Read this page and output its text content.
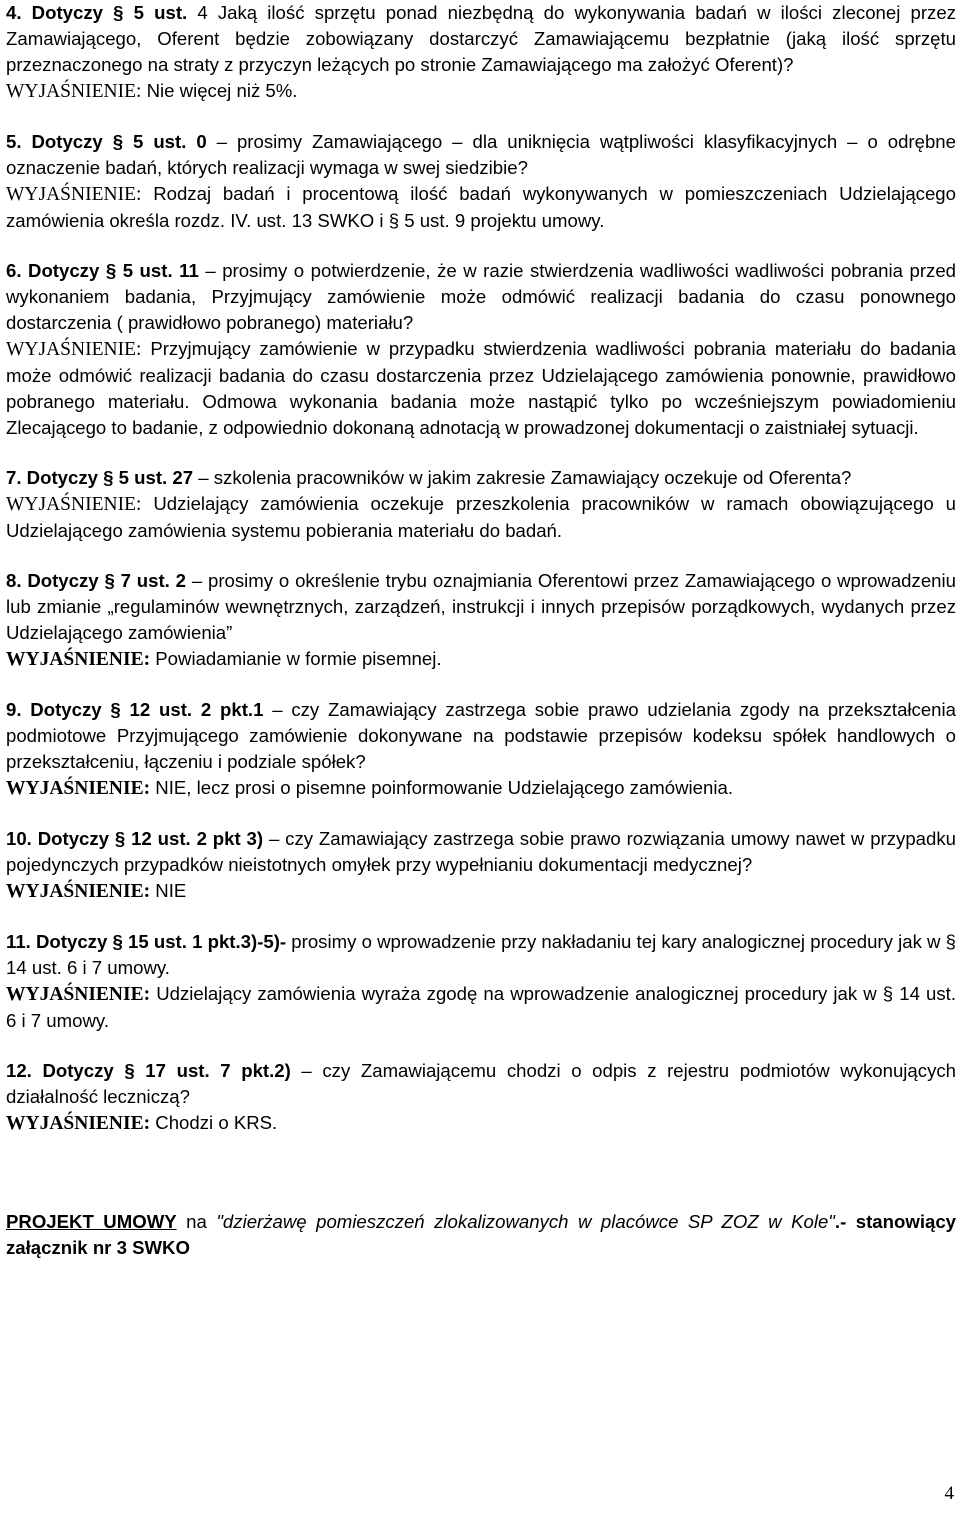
4. Dotyczy § 5 ust. 4 Jaką ilość sprzętu ponad niezbędną do wykonywania badań w ilości zleconej przez Zamawiającego, Oferent będzie zobowiązany dostarczyć Zamawiającemu bezpłatnie (jaką ilość sprzętu przeznaczonego na straty z przyczyn leżących po stronie Zamawiającego ma założyć Oferent)?
WYJAŚNIENIE: Nie więcej niż 5%.

5. Dotyczy § 5 ust. 0 – prosimy Zamawiającego – dla uniknięcia wątpliwości klasyfikacyjnych – o odrębne oznaczenie badań, których realizacji wymaga w swej siedzibie?
WYJAŚNIENIE: Rodzaj badań i procentową ilość badań wykonywanych w pomieszczeniach Udzielającego zamówienia określa rozdz. IV. ust. 13 SWKO i § 5 ust. 9 projektu umowy.

6. Dotyczy § 5 ust. 11 – prosimy o potwierdzenie, że w razie stwierdzenia wadliwości wadliwości pobrania przed wykonaniem badania, Przyjmujący zamówienie może odmówić realizacji badania do czasu ponownego dostarczenia ( prawidłowo pobranego) materiału?
WYJAŚNIENIE: Przyjmujący zamówienie w przypadku stwierdzenia wadliwości pobrania materiału do badania może odmówić realizacji badania do czasu dostarczenia przez Udzielającego zamówienia ponownie, prawidłowo pobranego materiału. Odmowa wykonania badania może nastąpić tylko po wcześniejszym powiadomieniu Zlecającego to badanie, z odpowiednio dokonaną adnotacją w prowadzonej dokumentacji o zaistniałej sytuacji.

7. Dotyczy § 5 ust. 27 – szkolenia pracowników w jakim zakresie Zamawiający oczekuje od Oferenta?
WYJAŚNIENIE: Udzielający zamówienia oczekuje przeszkolenia pracowników w ramach obowiązującego u Udzielającego zamówienia systemu pobierania materiału do badań.

8. Dotyczy § 7 ust. 2 – prosimy o określenie trybu oznajmiania Oferentowi przez Zamawiającego o wprowadzeniu lub zmianie „regulaminów wewnętrznych, zarządzeń, instrukcji i innych przepisów porządkowych, wydanych przez Udzielającego zamówienia”
WYJAŚNIENIE: Powiadamianie w formie pisemnej.

9. Dotyczy § 12 ust. 2 pkt.1 – czy Zamawiający zastrzega sobie prawo udzielania zgody na przekształcenia podmiotowe Przyjmującego zamówienie dokonywane na podstawie przepisów kodeksu spółek handlowych o przekształceniu, łączeniu i podziale spółek?
WYJAŚNIENIE: NIE, lecz prosi o pisemne poinformowanie Udzielającego zamówienia.

10. Dotyczy § 12 ust. 2 pkt 3) – czy Zamawiający zastrzega sobie prawo rozwiązania umowy nawet w przypadku pojedynczych przypadków nieistotnych omyłek przy wypełnianiu dokumentacji medycznej?
WYJAŚNIENIE: NIE

11. Dotyczy § 15 ust. 1 pkt.3)-5)- prosimy o wprowadzenie przy nakładaniu tej kary analogicznej procedury jak w § 14 ust. 6 i 7 umowy.
WYJAŚNIENIE: Udzielający zamówienia wyraża zgodę na wprowadzenie analogicznej procedury jak w § 14 ust. 6 i 7 umowy.

12. Dotyczy § 17 ust. 7 pkt.2) – czy Zamawiającemu chodzi o odpis z rejestru podmiotów wykonujących działalność leczniczą?
WYJAŚNIENIE: Chodzi o KRS.

PROJEKT UMOWY na "dzierżawę pomieszczeń zlokalizowanych w placówce SP ZOZ w Kole".- stanowiący załącznik nr 3 SWKO

4
